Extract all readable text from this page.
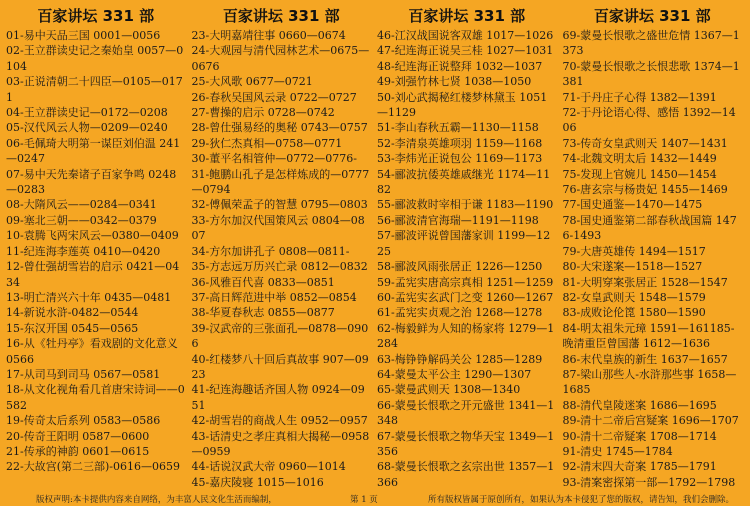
百家讲坛 331 部
01-易中天品三国 0001—0056
02-王立群读史记之秦始皇 0057—0104
03-正说清朝二十四臣—0105—0171
04-王立群读史记—0172—0208
05-汉代风云人物—0209—0240
06-毛佩琦大明第一谋臣刘伯温 241—0247
07-易中天先秦诸子百家争鸣 0248—0283
08-大隋风云——0284—0341
09-塞北三朝——0342—0379
10-袁腾飞两宋风云—0380—0409
11-纪连海李莲英 0410—0420
12-曾仕强胡雪岩的启示 0421—0434
13-明亡清兴六十年 0435—0481
14-新说水浒-0482—0544
15-东汉开国 0545—0565
16-从《牡丹亭》看戏剧的文化意义 0566
17-从司马到司马 0567—0581
18-从文化视角看几首唐宋诗词——0582
19-传奇太后系列 0583—0586
20-传奇王阳明 0587—0600
21-传承的神韵 0601—0615
22-大故宫(第二三部)-0616—0659
百家讲坛 331 部
23-大明嘉靖往事 0660—0674
24-大观园与清代园林艺术—0675—0676
25-大风歌 0677—0721
26-春秋吴国风云录 0722—0727
27-曹操的启示 0728—0742
28-曾仕强易经的奥秘 0743—0757
29-狄仁杰真相—0758—0771
30-董平名相管仲—0772—0776-
31-鲍鹏山孔子是怎样炼成的—0777—0794
32-傅佩荣孟子的智慧 0795—0803
33-方尔加汉代国策风云 0804—0807
34-方尔加讲孔子 0808—0811-
35-方志远万历兴亡录 0812—0832
36-风雅百代喜 0833—0851
37-高日辉范进中举 0852—0854
38-华夏春秋志 0855—0877
39-汉武帝的三张面孔—0878—0906
40-红楼梦八十回后真故事 907—0923
41-纪连海趣话齐国人物 0924—0951
42-胡雪岩的商战人生 0952—0957
43-话清史之孝庄真相大揭秘—0958—0959
44-话说汉武大帝 0960—1014
45-嘉庆陵寝 1015—1016
百家讲坛 331 部
46-江汉战国说客双雄 1017—1026
47-纪连海正说吴三桂 1027—1031
48-纪连海正说整拜 1032—1037
49-刘强竹林七贤 1038—1050
50-刘心武揭秘红楼梦林黛玉 1051—1129
51-李山春秋五霸—1130—1158
52-李清泉英雄项羽 1159—1168
53-李炜光正说包公 1169—1173
54-郦波抗倭英雄戚继光 1174—1182
55-郦波救时宰相于谦 1183—1190
56-郦波清官海瑞—1191—1198
57-郦波评说曾国藩家训 1199—1225
58-郦波风雨张居正 1226—1250
59-孟宪实唐高宗真相 1251—1259
60-孟宪实玄武门之变 1260—1267
61-孟宪实贞观之治 1268—1278
62-梅毅鲜为人知的杨家将 1279—1284
63-梅铮铮解码关公 1285—1289
64-蒙曼太平公主 1290—1307
65-蒙曼武则天 1308—1340
66-蒙曼长恨歌之开元盛世 1341—1348
67-蒙曼长恨歌之物华天宝 1349—1356
68-蒙曼长恨歌之玄宗出世 1357—1366
百家讲坛 331 部
69-蒙曼长恨歌之盛世危情 1367—1373
70-蒙曼长恨歌之长恨悲歌 1374—1381
71-于丹庄子心得 1382—1391
72-于丹论语心得、感悟 1392—1406
73-传奇女皇武则天 1407—1431
74-北魏文明太后 1432—1449
75-发现上官婉儿 1450—1454
76-唐玄宗与杨贵妃 1455—1469
77-国史通鉴—1470—1475
78-国史通鉴第二部春秋战国篇 1476-1493
79-大唐英雄传 1494—1517
80-大宋遂案—1518—1527
81-大明穿案张居正 1528—1547
82-女皇武则天 1548—1579
83-成败论伦箆 1580—1590
84-明太祖朱元璋 1591—161185-晚清重臣曾国藩 1612—1636
86-末代皇族的新生 1637—1657
87-梁山那些人-水浒那些事 1658—1685
88-清代皇陵迷案 1686—1695
89-清十二帝后宫疑案 1696—1707
90-清十二帝疑案 1708—1714
91-清史 1745—1784
92-清末四大奇案 1785—1791
93-清案密探第一部—1792—1798
版权声明:本卡提供内容来自网络，为丰富人民文化生活而编制，	第 1 页	所有版权皆属于原创所有，如果认为本卡侵犯了您的版权，请告知，我们会删除。
